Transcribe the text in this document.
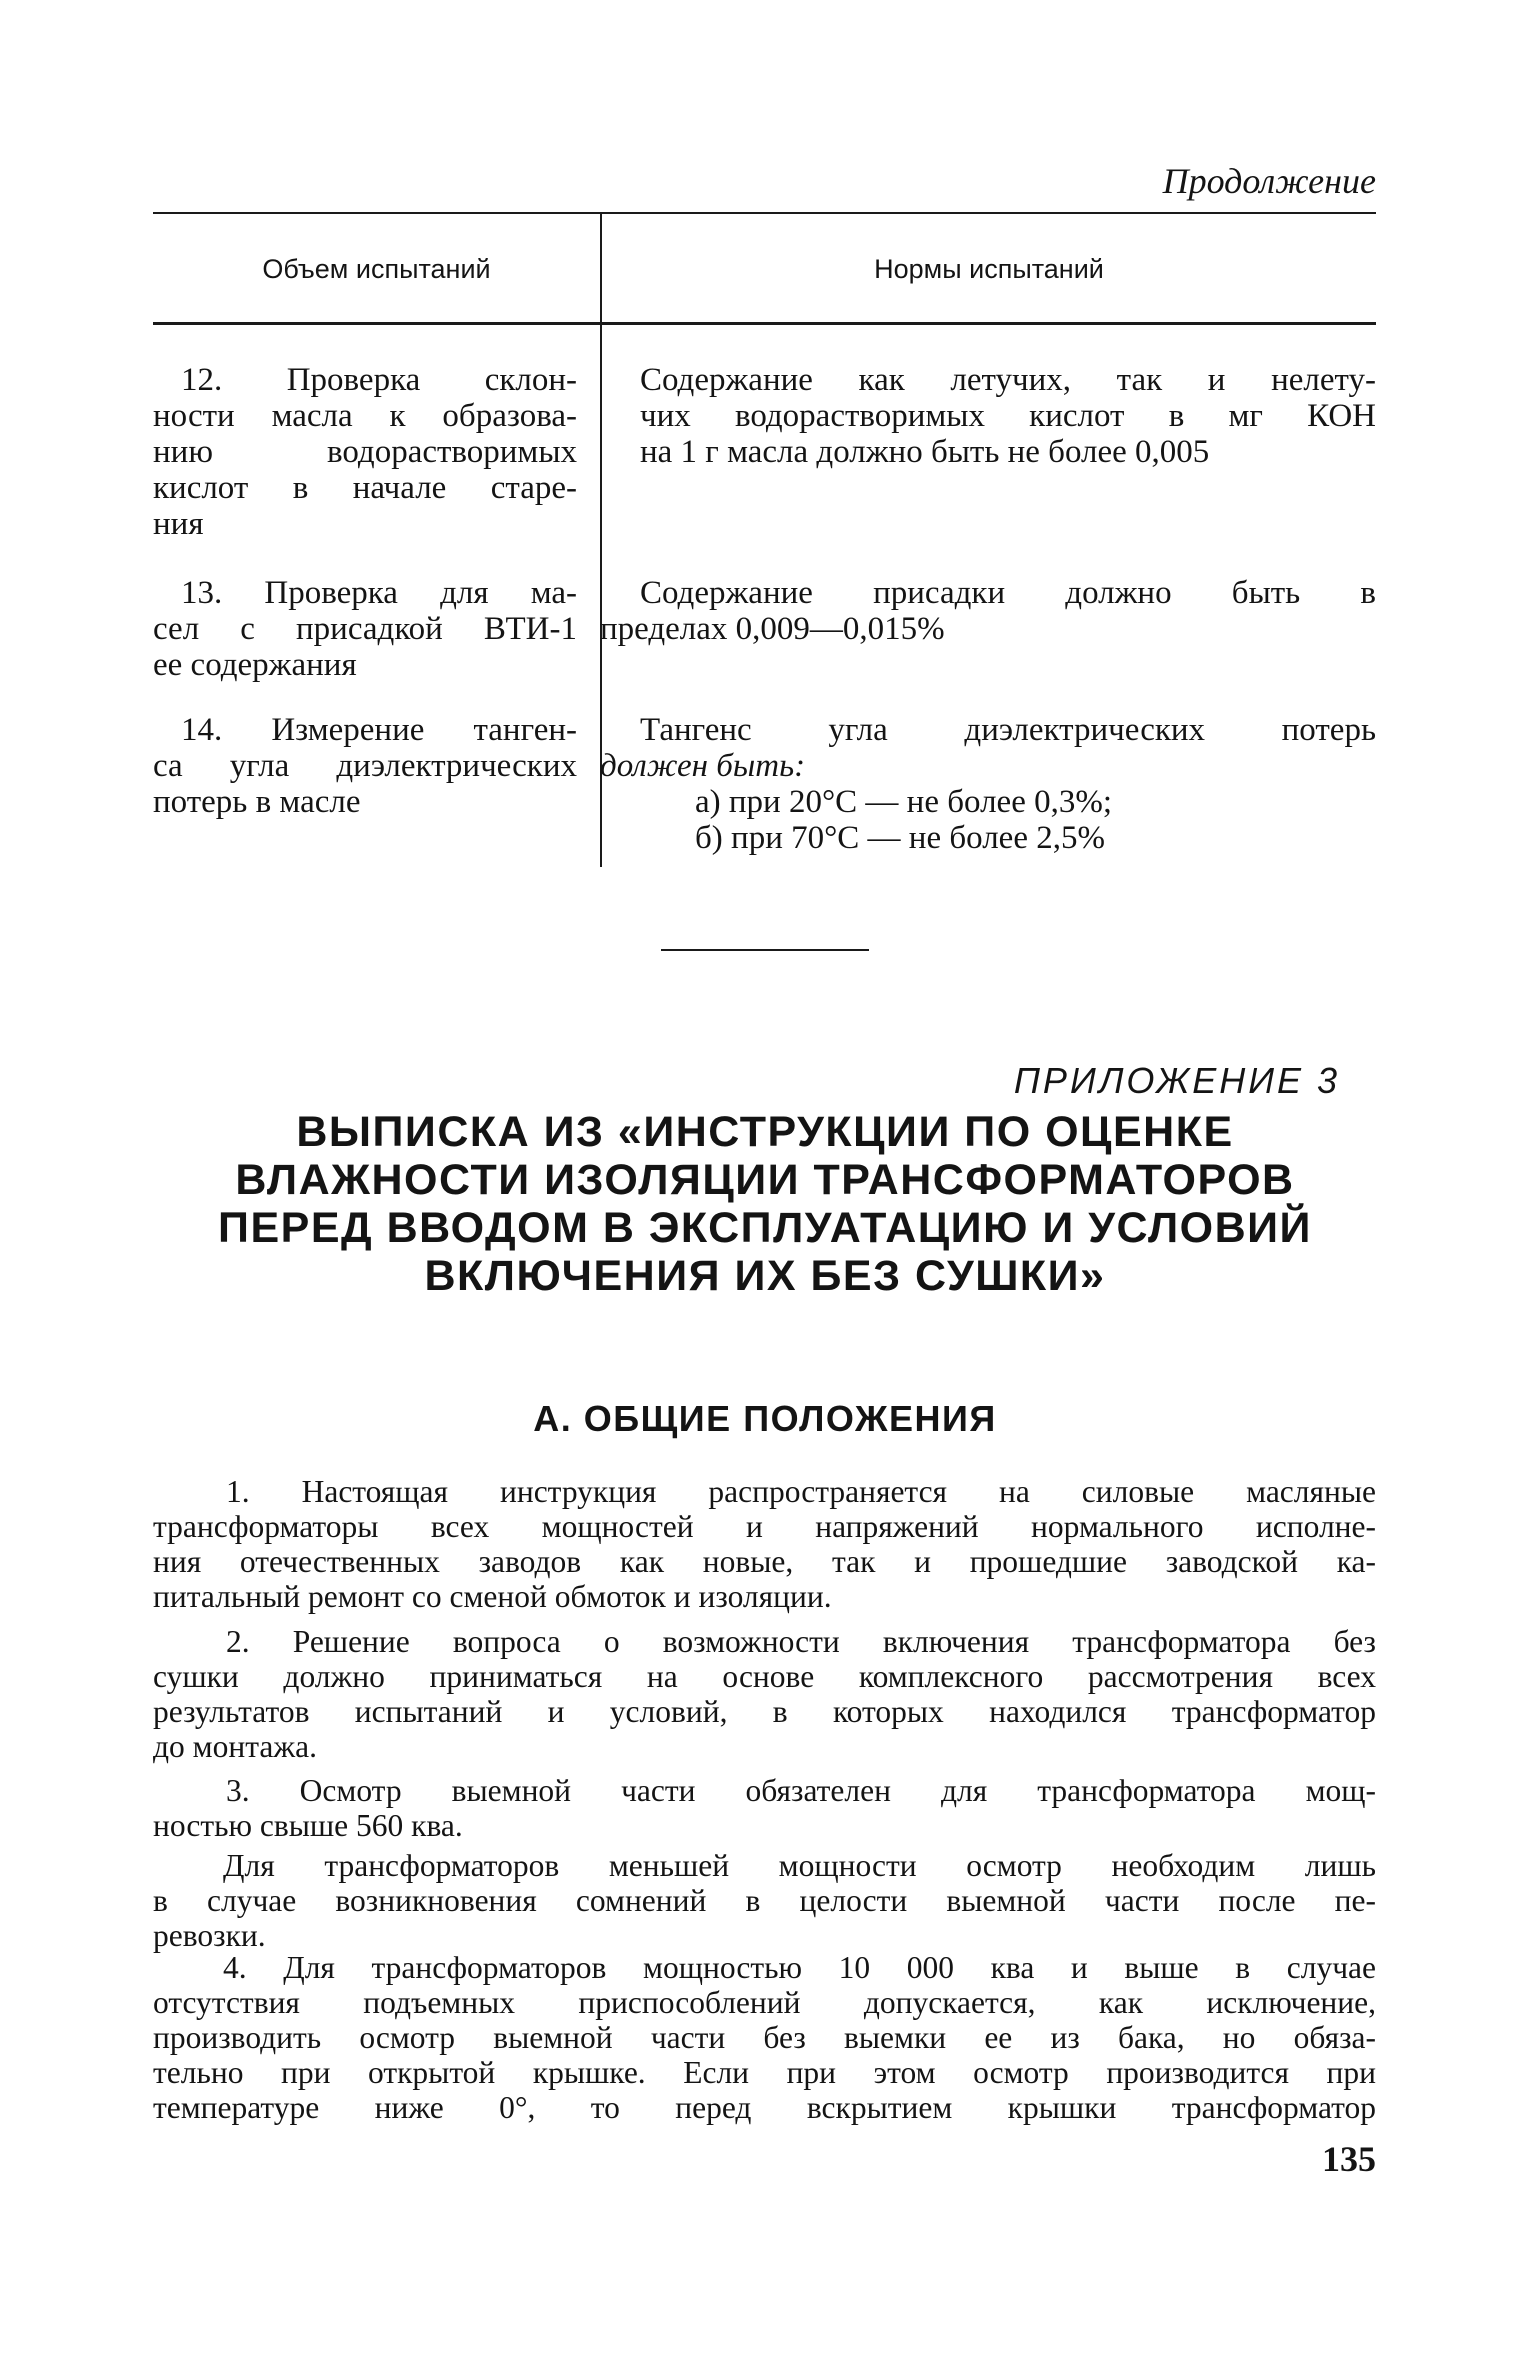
Продолжение
Объем испытаний	Нормы испытаний
12. Проверка склон-
ности масла к образова-
нию водорастворимых
кислот в начале старе-
ния
Содержание как летучих, так и нелету-
чих водорастворимых кислот в мг КОН
на 1 г масла должно быть не более 0,005
13. Проверка для ма-
сел с присадкой ВТИ-1
ее содержания
Содержание присадки должно быть в
пределах 0,009—0,015%
14. Измерение танген-
са угла диэлектрических
потерь в масле
Тангенс угла диэлектрических потерь
должен быть:
а) при 20°С — не более 0,3%;
б) при 70°С — не более 2,5%
ПРИЛОЖЕНИЕ 3
ВЫПИСКА ИЗ «ИНСТРУКЦИИ ПО ОЦЕНКЕ
ВЛАЖНОСТИ ИЗОЛЯЦИИ ТРАНСФОРМАТОРОВ
ПЕРЕД ВВОДОМ В ЭКСПЛУАТАЦИЮ И УСЛОВИЙ
ВКЛЮЧЕНИЯ ИХ БЕЗ СУШКИ»
А. ОБЩИЕ ПОЛОЖЕНИЯ
1. Настоящая инструкция распространяется на силовые масляные
трансформаторы всех мощностей и напряжений нормального исполне-
ния отечественных заводов как новые, так и прошедшие заводской ка-
питальный ремонт со сменой обмоток и изоляции.
2. Решение вопроса о возможности включения трансформатора без
сушки должно приниматься на основе комплексного рассмотрения всех
результатов испытаний и условий, в которых находился трансформатор
до монтажа.
3. Осмотр выемной части обязателен для трансформатора мощ-
ностью свыше 560 ква.
Для трансформаторов меньшей мощности осмотр необходим лишь
в случае возникновения сомнений в целости выемной части после пе-
ревозки.
4. Для трансформаторов мощностью 10 000 ква и выше в случае
отсутствия подъемных приспособлений допускается, как исключение,
производить осмотр выемной части без выемки ее из бака, но обяза-
тельно при открытой крышке. Если при этом осмотр производится при
температуре ниже 0°, то перед вскрытием крышки трансформатор
135
